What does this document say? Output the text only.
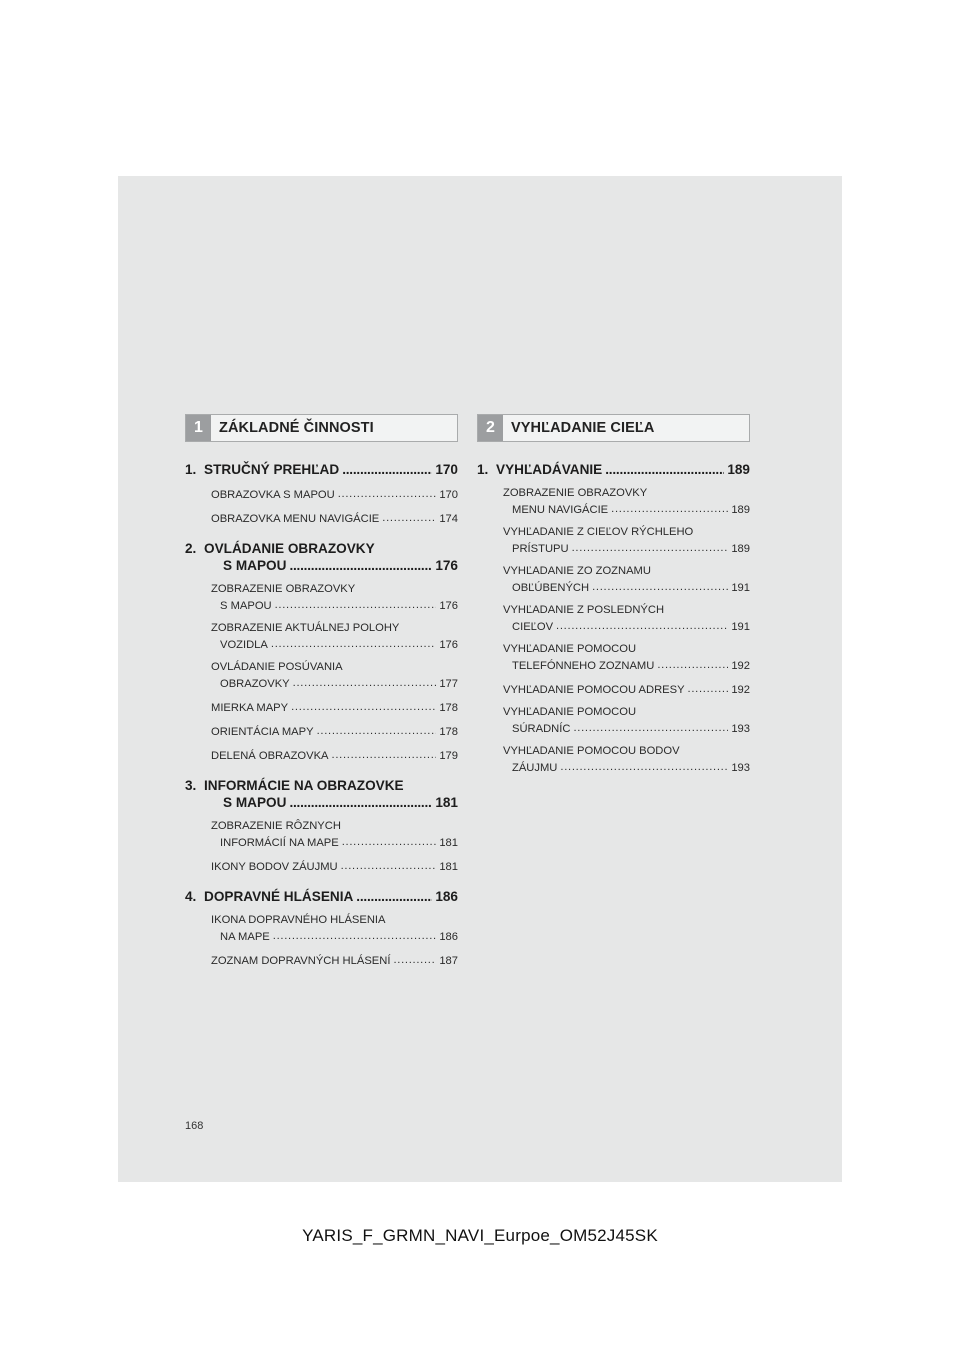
1	ZÁKLADNÉ ČINNOSTI
1. STRUČNÝ PREHĽAD . . .	170
OBRAZOVKA S MAPOU . . .	170
OBRAZOVKA MENU NAVIGÁCIE . . .	174
2. OVLÁDANIE OBRAZOVKY
S MAPOU . . .	176
ZOBRAZENIE OBRAZOVKY
S MAPOU . . .	176
ZOBRAZENIE AKTUÁLNEJ POLOHY
VOZIDLA . . .	176
OVLÁDANIE POSÚVANIA
OBRAZOVKY . . .	177
MIERKA MAPY . . .	178
ORIENTÁCIA MAPY . . .	178
DELENÁ OBRAZOVKA . . .	179
3. INFORMÁCIE NA OBRAZOVKE
S MAPOU . . .	181
ZOBRAZENIE RÔZNYCH
INFORMÁCIÍ NA MAPE . . .	181
IKONY BODOV ZÁUJMU . . .	181
4. DOPRAVNÉ HLÁSENIA . . .	186
IKONA DOPRAVNÉHO HLÁSENIA
NA MAPE . . .	186
ZOZNAM DOPRAVNÝCH HLÁSENÍ . . .	187
2	VYHĽADANIE CIEĽA
1. VYHĽADÁVANIE . . .	189
ZOBRAZENIE OBRAZOVKY
MENU NAVIGÁCIE . . .	189
VYHĽADANIE Z CIEĽOV RÝCHLEHO
PRÍSTUPU . . .	189
VYHĽADANIE ZO ZOZNAMU
OBĽÚBENÝCH . . .	191
VYHĽADANIE Z POSLEDNÝCH
CIEĽOV . . .	191
VYHĽADANIE POMOCOU
TELEFÓNNEHO ZOZNAMU . . .	192
VYHĽADANIE POMOCOU ADRESY . . .	192
VYHĽADANIE POMOCOU
SÚRADNÍC . . .	193
VYHĽADANIE POMOCOU BODOV
ZÁUJMU . . .	193
168
YARIS_F_GRMN_NAVI_Eurpoe_OM52J45SK
